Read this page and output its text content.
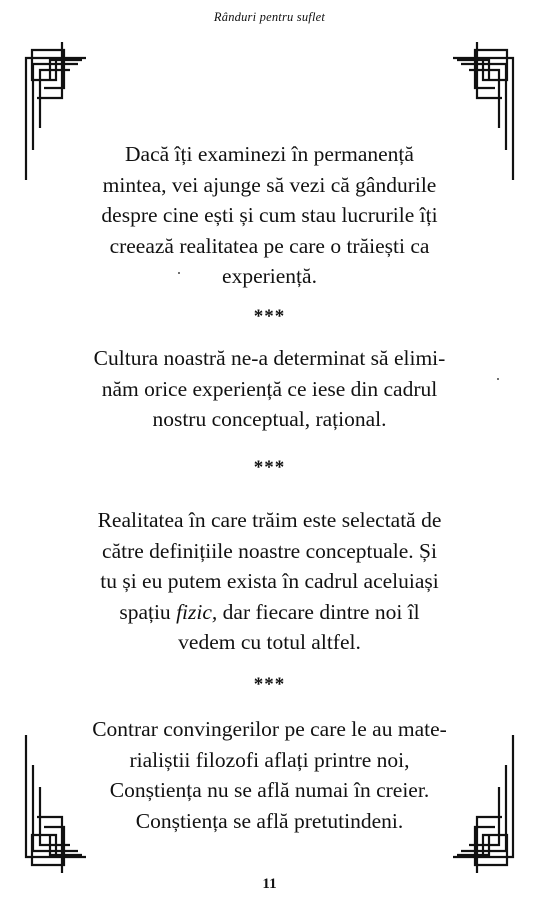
Rânduri pentru suflet
Dacă îți examinezi în permanență
mintea, vei ajunge să vezi că gândurile
despre cine ești și cum stau lucrurile îți
creează realitatea pe care o trăiești ca
experiență.
***
Cultura noastră ne-a determinat să elimi-
năm orice experiență ce iese din cadrul
nostru conceptual, rațional.
***
Realitatea în care trăim este selectată de
către definițiile noastre conceptuale. Și
tu și eu putem exista în cadrul aceluiași
spațiu fizic, dar fiecare dintre noi îl
vedem cu totul altfel.
***
Contrar convingerilor pe care le au mate-
rialiștii filozofi aflați printre noi,
Conștiența nu se află numai în creier.
Conștiența se află pretutindeni.
11
